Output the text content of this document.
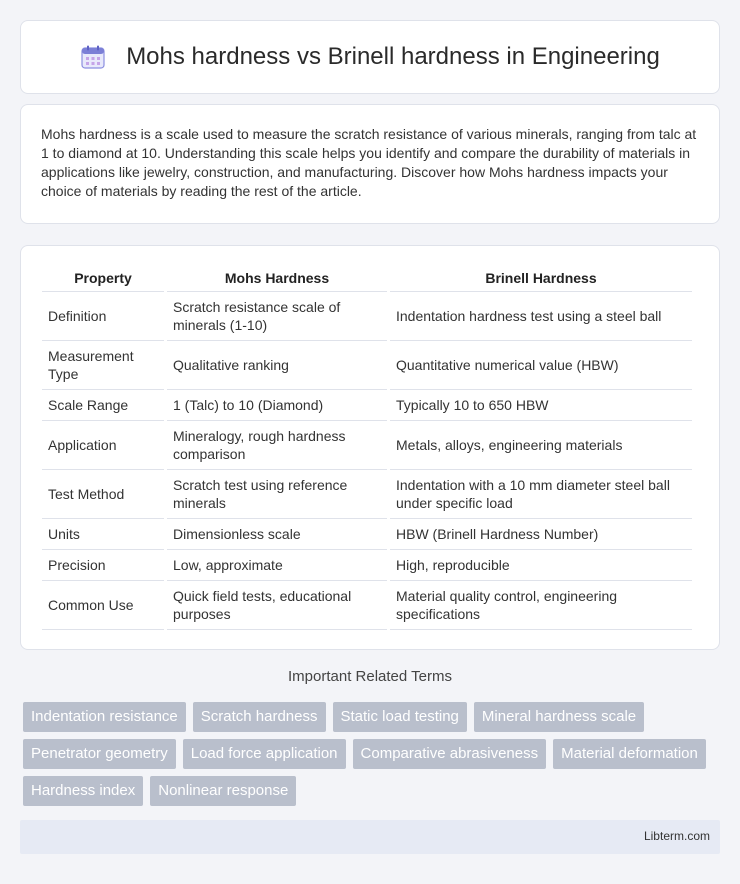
Mohs hardness vs Brinell hardness in Engineering

Mohs hardness is a scale used to measure the scratch resistance of various minerals, ranging from talc at 1 to diamond at 10. Understanding this scale helps you identify and compare the durability of materials in applications like jewelry, construction, and manufacturing. Discover how Mohs hardness impacts your choice of materials by reading the rest of the article.

Property	Mohs Hardness	Brinell Hardness
Definition	Scratch resistance scale of minerals (1-10)	Indentation hardness test using a steel ball
Measurement Type	Qualitative ranking	Quantitative numerical value (HBW)
Scale Range	1 (Talc) to 10 (Diamond)	Typically 10 to 650 HBW
Application	Mineralogy, rough hardness comparison	Metals, alloys, engineering materials
Test Method	Scratch test using reference minerals	Indentation with a 10 mm diameter steel ball under specific load
Units	Dimensionless scale	HBW (Brinell Hardness Number)
Precision	Low, approximate	High, reproducible
Common Use	Quick field tests, educational purposes	Material quality control, engineering specifications
Important Related Terms
Indentation resistance	Scratch hardness	Static load testing	Mineral hardness scale
Penetrator geometry	Load force application	Comparative abrasiveness	Material deformation
Hardness index	Nonlinear response
Libterm.com
